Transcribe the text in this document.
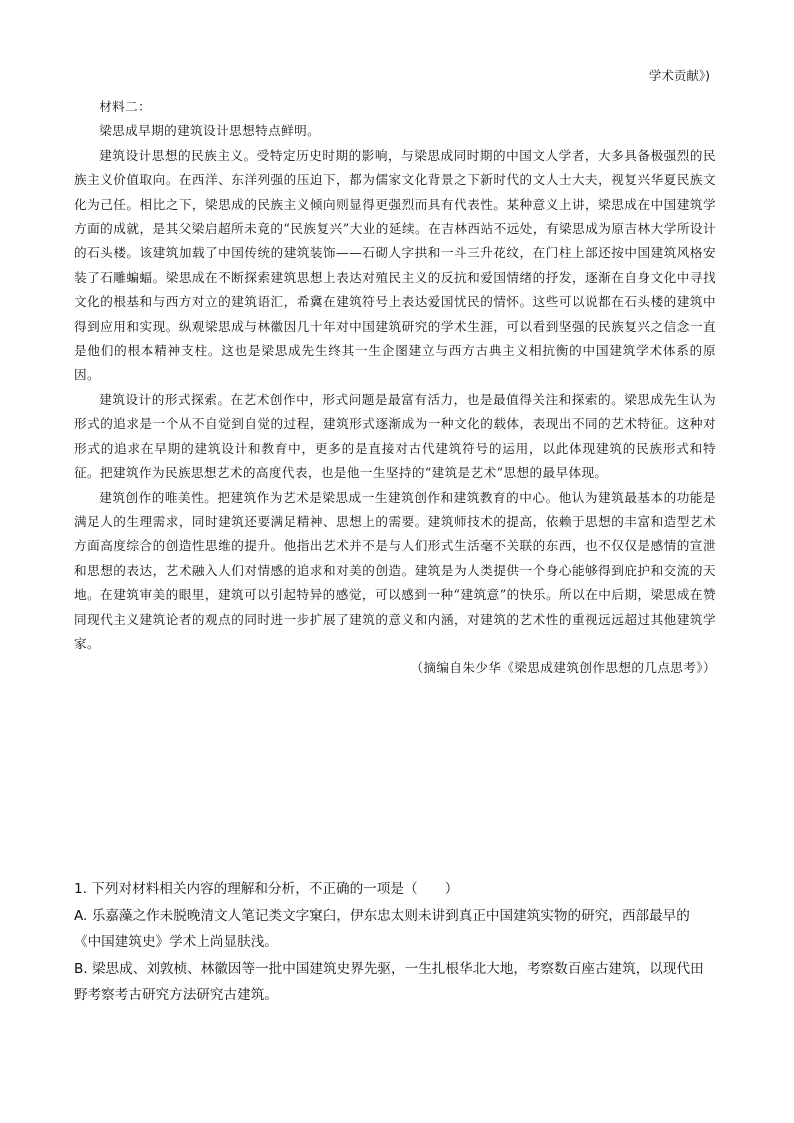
学术贡献》)

材料二：

梁思成早期的建筑设计思想特点鲜明。

建筑设计思想的民族主义。受特定历史时期的影响，与梁思成同时期的中国文人学者，大多具备极强烈的民族主义价值取向。在西洋、东洋列强的压迫下，都为儒家文化背景之下新时代的文人士大夫，视复兴华夏民族文化为己任。相比之下，梁思成的民族主义倾向则显得更强烈而具有代表性。某种意义上讲，梁思成在中国建筑学方面的成就，是其父梁启超所未竟的“民族复兴”大业的延续。在吉林西站不远处，有梁思成为原吉林大学所设计的石头楼。该建筑加载了中国传统的建筑装饰——石砌人字拱和一斗三升花纹，在门柱上部还按中国建筑风格安装了石雕蝙蝠。梁思成在不断探索建筑思想上表达对殖民主义的反抗和爱国情绪的抒发，逐渐在自身文化中寻找文化的根基和与西方对立的建筑语汇，希冀在建筑符号上表达爱国忧民的情怀。这些可以说都在石头楼的建筑中得到应用和实现。纵观梁思成与林徽因几十年对中国建筑研究的学术生涯，可以看到坚强的民族复兴之信念一直是他们的根本精神支柱。这也是梁思成先生终其一生企图建立与西方古典主义相抗衡的中国建筑学术体系的原因。

建筑设计的形式探索。在艺术创作中，形式问题是最富有活力，也是最值得关注和探索的。梁思成先生认为形式的追求是一个从不自觉到自觉的过程，建筑形式逐渐成为一种文化的载体，表现出不同的艺术特征。这种对形式的追求在早期的建筑设计和教育中，更多的是直接对古代建筑符号的运用，以此体现建筑的民族形式和特征。把建筑作为民族思想艺术的高度代表，也是他一生坚持的“建筑是艺术”思想的最早体现。

建筑创作的唯美性。把建筑作为艺术是梁思成一生建筑创作和建筑教育的中心。他认为建筑最基本的功能是满足人的生理需求，同时建筑还要满足精神、思想上的需要。建筑师技术的提高，依赖于思想的丰富和造型艺术方面高度综合的创造性思维的提升。他指出艺术并不是与人们形式生活毫不关联的东西，也不仅仅是感情的宣泄和思想的表达，艺术融入人们对情感的追求和对美的创造。建筑是为人类提供一个身心能够得到庇护和交流的天地。在建筑审美的眼里，建筑可以引起特异的感觉，可以感到一种“建筑意”的快乐。所以在中后期，梁思成在赞同现代主义建筑论者的观点的同时进一步扩展了建筑的意义和内涵，对建筑的艺术性的重视远远超过其他建筑学家。

（摘编自朱少华《梁思成建筑创作思想的几点思考》）

1. 下列对材料相关内容的理解和分析，不正确的一项是（　　）

A. 乐嘉藻之作未脱晚清文人笔记类文字窠臼，伊东忠太则未讲到真正中国建筑实物的研究，西部最早的《中国建筑史》学术上尚显肤浅。

B. 梁思成、刘敦桢、林徽因等一批中国建筑史界先驱，一生扎根华北大地，考察数百座古建筑，以现代田野考察考古研究方法研究古建筑。
